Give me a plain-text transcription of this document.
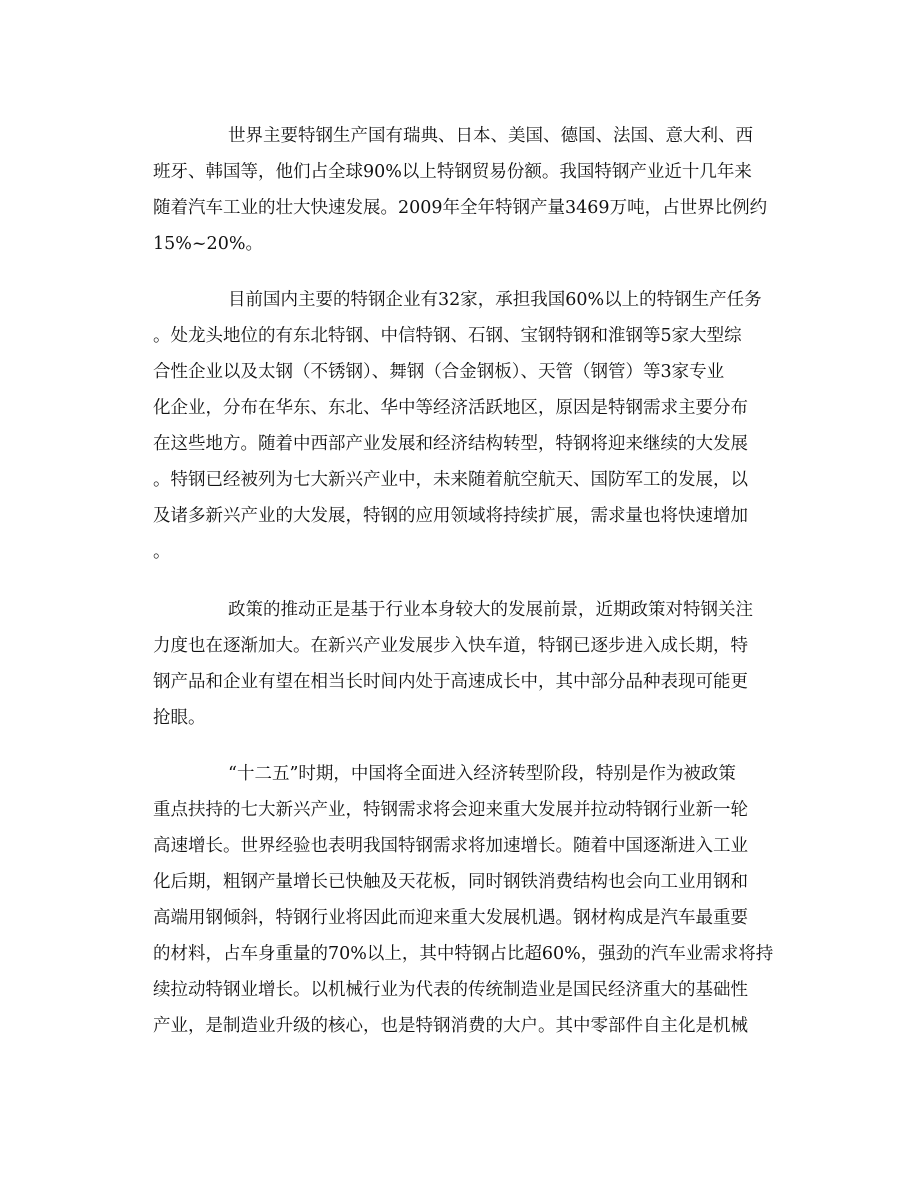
世界主要特钢生产国有瑞典、日本、美国、德国、法国、意大利、西

班牙、韩国等，他们占全球90%以上特钢贸易份额。我国特钢产业近十几年来

随着汽车工业的壮大快速发展。2009年全年特钢产量3469万吨，占世界比例约

15%~20%。

目前国内主要的特钢企业有32家，承担我国60%以上的特钢生产任务

。处龙头地位的有东北特钢、中信特钢、石钢、宝钢特钢和淮钢等5家大型综

合性企业以及太钢（不锈钢）、舞钢（合金钢板）、天管（钢管）等3家专业

化企业，分布在华东、东北、华中等经济活跃地区，原因是特钢需求主要分布

在这些地方。随着中西部产业发展和经济结构转型，特钢将迎来继续的大发展

。特钢已经被列为七大新兴产业中，未来随着航空航天、国防军工的发展，以

及诸多新兴产业的大发展，特钢的应用领域将持续扩展，需求量也将快速增加

。

政策的推动正是基于行业本身较大的发展前景，近期政策对特钢关注

力度也在逐渐加大。在新兴产业发展步入快车道，特钢已逐步进入成长期，特

钢产品和企业有望在相当长时间内处于高速成长中，其中部分品种表现可能更

抢眼。

“十二五”时期，中国将全面进入经济转型阶段，特别是作为被政策

重点扶持的七大新兴产业，特钢需求将会迎来重大发展并拉动特钢行业新一轮

高速增长。世界经验也表明我国特钢需求将加速增长。随着中国逐渐进入工业

化后期，粗钢产量增长已快触及天花板，同时钢铁消费结构也会向工业用钢和

高端用钢倾斜，特钢行业将因此而迎来重大发展机遇。钢材构成是汽车最重要

的材料，占车身重量的70%以上，其中特钢占比超60%，强劲的汽车业需求将持

续拉动特钢业增长。以机械行业为代表的传统制造业是国民经济重大的基础性

产业，是制造业升级的核心，也是特钢消费的大户。其中零部件自主化是机械
